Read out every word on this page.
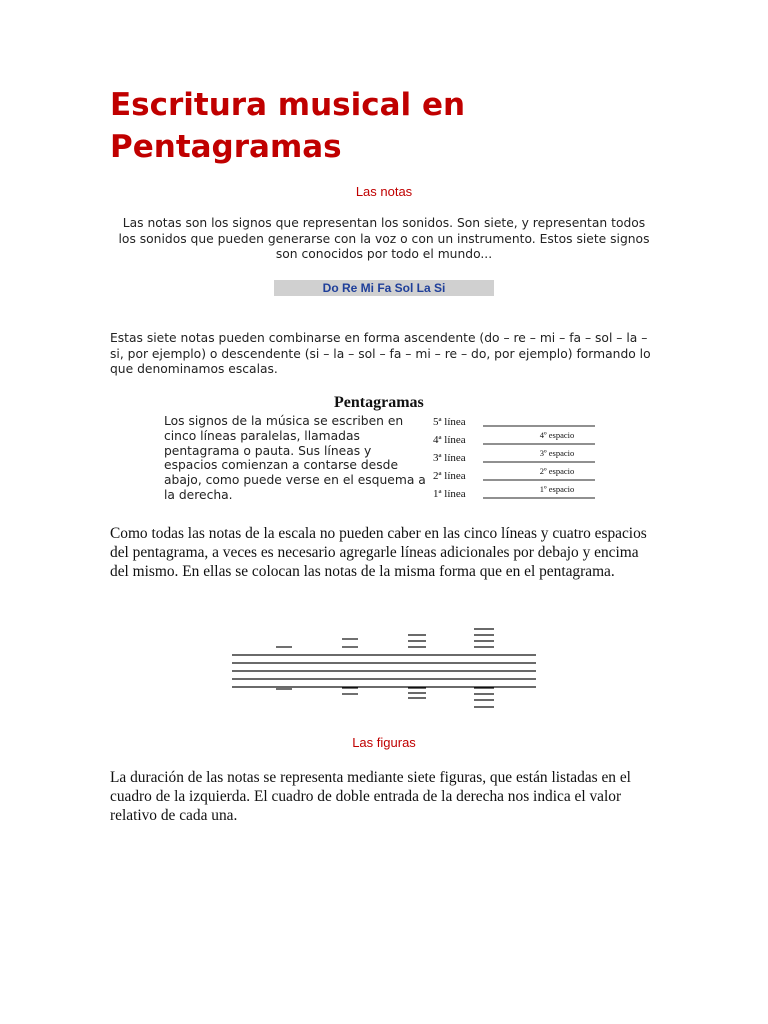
Escritura musical en Pentagramas
Las notas
Las notas son los signos que representan los sonidos. Son siete, y representan todos los sonidos que pueden generarse con la voz o con un instrumento. Estos siete signos son conocidos por todo el mundo...
Do Re Mi Fa Sol La Si
Estas siete notas pueden combinarse en forma ascendente (do – re – mi – fa – sol – la – si, por ejemplo) o descendente (si – la – sol – fa – mi – re – do, por ejemplo) formando lo que denominamos escalas.
Pentagramas
Los signos de la música se escriben en cinco líneas paralelas, llamadas pentagrama o pauta. Sus líneas y espacios comienzan a contarse desde abajo, como puede verse en el esquema a la derecha.
5ª línea
4ª línea
3ª línea
2ª línea
1ª línea
4º espacio
3º espacio
2º espacio
1º espacio
Como todas las notas de la escala no pueden caber en las cinco líneas y cuatro espacios del pentagrama, a veces es necesario agregarle líneas adicionales por debajo y encima del mismo. En ellas se colocan las notas de la misma forma que en el pentagrama.
Las figuras
La duración de las notas se representa mediante siete figuras, que están listadas en el cuadro de la izquierda. El cuadro de doble entrada de la derecha nos indica el valor relativo de cada una.
